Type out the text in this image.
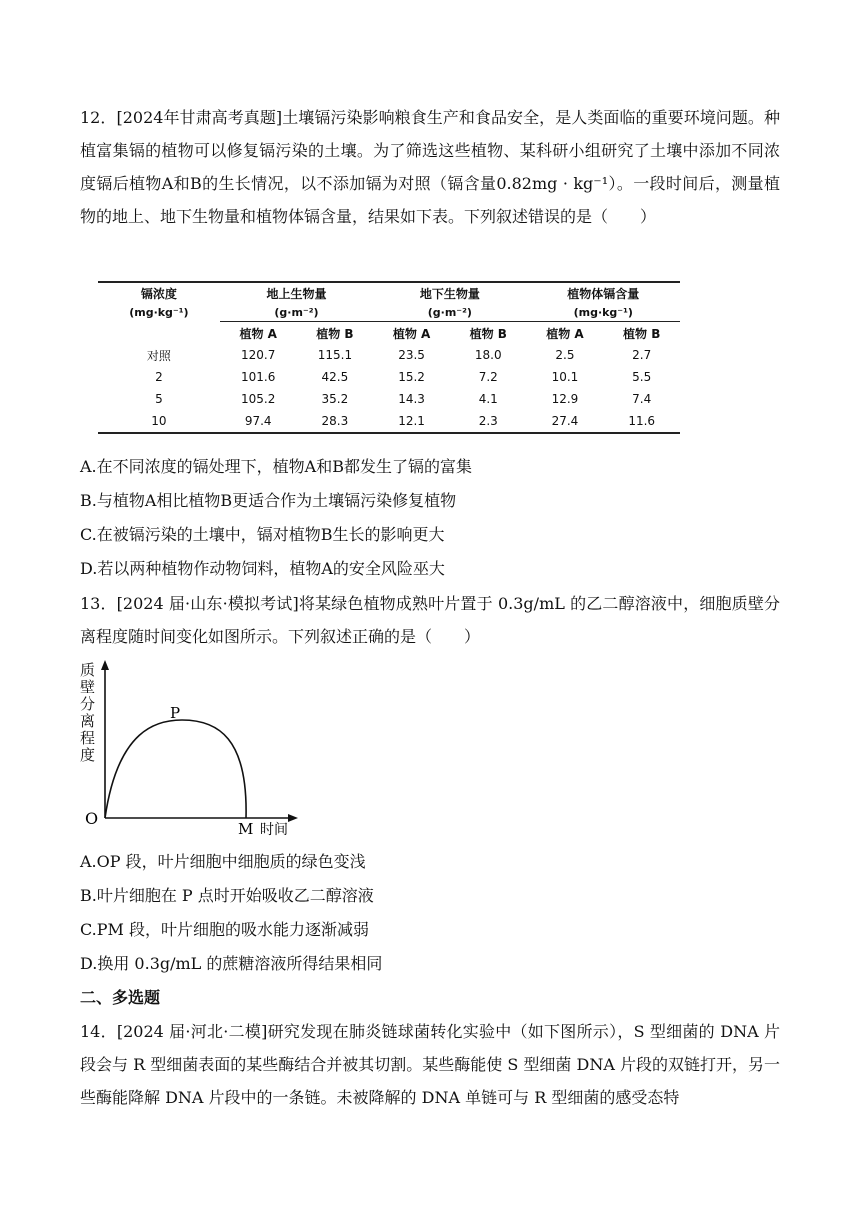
12．[2024年甘肃高考真题]土壤镉污染影响粮食生产和食品安全，是人类面临的重要环境问题。种植富集镉的植物可以修复镉污染的土壤。为了筛选这些植物、某科研小组研究了土壤中添加不同浓度镉后植物A和B的生长情况，以不添加镉为对照（镉含量0.82mg · kg⁻¹）。一段时间后，测量植物的地上、地下生物量和植物体镉含量，结果如下表。下列叙述错误的是（　　）
镉浓度	地上生物量		地下生物量		植物体镉含量	
(mg·kg⁻¹)	(g·m⁻²)		(g·m⁻²)		(mg·kg⁻¹)	
	植物 A	植物 B	植物 A	植物 B	植物 A	植物 B
对照	120.7	115.1	23.5	18.0	2.5	2.7
2	101.6	42.5	15.2	7.2	10.1	5.5
5	105.2	35.2	14.3	4.1	12.9	7.4
10	97.4	28.3	12.1	2.3	27.4	11.6
A.在不同浓度的镉处理下，植物A和B都发生了镉的富集
B.与植物A相比植物B更适合作为土壤镉污染修复植物
C.在被镉污染的土壤中，镉对植物B生长的影响更大
D.若以两种植物作动物饲料，植物A的安全风险巫大
13．[2024 届·山东·模拟考试]将某绿色植物成熟叶片置于 0.3g/mL 的乙二醇溶液中，细胞质壁分离程度随时间变化如图所示。下列叙述正确的是（　　）
质壁分离程度
O
P
M 时间
A.OP 段，叶片细胞中细胞质的绿色变浅
B.叶片细胞在 P 点时开始吸收乙二醇溶液
C.PM 段，叶片细胞的吸水能力逐渐减弱
D.换用 0.3g/mL 的蔗糖溶液所得结果相同
二、多选题
14．[2024 届·河北·二模]研究发现在肺炎链球菌转化实验中（如下图所示），S 型细菌的 DNA 片段会与 R 型细菌表面的某些酶结合并被其切割。某些酶能使 S 型细菌 DNA 片段的双链打开，另一些酶能降解 DNA 片段中的一条链。未被降解的 DNA 单链可与 R 型细菌的感受态特
